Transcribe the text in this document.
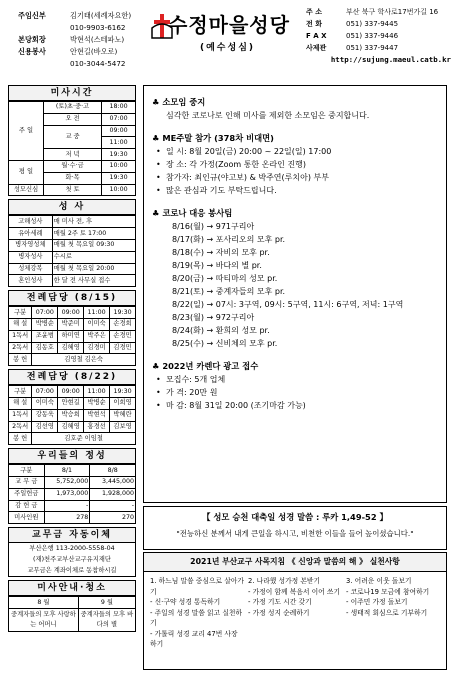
주임신부	김기태(세례자요한)
010-9903-6162
본당회장	박현석(스테파노)
신용봉사	안현길(바오로)
010-3044-5472
수정마을성당
(예수성심)
주 소	부산 북구 학사로17번가길 16
전 화	051) 337-9445
F A X	051) 337-9446
사제관	051) 337-9447
http://sujung.maeul.catb.kr
미사시간
주 일	(토)초·중·고	18:00
	오 전	07:00
	교 중	09:00
		11:00
	저 녁	19:30
평 일	월·수·금	10:00
	화·목	19:30
성모신심	첫 토	10:00
성 사
고해성사	매 미사 전, 후
유아세례	매월 2주 토 17:00
병자영성체	매월 첫 목요일 09:30
병자성사	수시로
성체강복	매월 첫 목요일 20:00
혼인성사	한 달 전 사무실 접수
전례담당 (8/15)
구분	07:00	09:00	11:00	19:30
해 설	박병순	박준미	이미숙	손경희
1독서	조윤범	하미연	박주은	손경민
2독서	김동호	김혜영	김경미	김경민
봉 헌	김영철 김은숙			
전례담당 (8/22)
구분	07:00	09:00	11:00	19:30
해 설	이미숙	안현길	박병순	이희영
1독서	강동욱	박승희	박현석	박혜란
2독서	김선영	김혜영	홍경선	김보영
봉 헌	김호준 이임철			
우리들의 정성
구분	8/1	8/8
교 무 금	5,752,000	3,445,000
주일헌금	1,973,000	1,928,000
감 헌 금	-	-
미사인원	278	270
교무금 자동이체
부산은행 113-2000-5558-04
(재)천주교부산교구유지재단
교무금은 계좌이체로 동참하시길
미사안내·청소
8 월	9 월
중계자들의 모후 사랑하는 어머니	중계자들의 모후 바다의 별
♣ 소모임 중지
심각한 코로나로 인해 미사를 제외한 소모임은 중지합니다.
♣ ME주말 참가 (378차 비대면)
• 일 시: 8월 20일(금) 20:00 ~ 22일(일) 17:00
• 장 소: 각 가정(Zoom 통한 온라인 진행)
• 참가자: 최인규(야고보) & 박주연(루치아) 부부
• 많은 관심과 기도 부탁드립니다.
♣ 코로나 대응 봉사팀
8/16(월) → 971구리아
8/17(화) → 포사리오의 모후 pr.
8/18(수) → 자비의 모후 pr.
8/19(목) → 바다의 별 pr.
8/20(금) → 따티마의 성모 pr.
8/21(토) → 중계자들의 모후 pr.
8/22(일) → 07시: 3구역, 09시: 5구역, 11시: 6구역, 저녁: 1구역
8/23(월) → 972구리아
8/24(화) → 환희의 성모 pr.
8/25(수) → 신비체의 모후 pr.
♣ 2022년 카렌다 광고 접수
• 모집수: 5개 업체
• 가 격: 20만 원
• 마 감: 8월 31일 20:00 (조기마감 가능)
【 성모 승천 대축일 성경 말씀 : 루카 1,49-52 】
"전능하신 분께서 내게 큰일을 하시고, 비천한 이들을 들어 높이셨습니다."
2021년 부산교구 사목지침 《 신앙과 말씀의 해 》 실천사항
1. 하느님 말씀 중심으로 살아가기
- 신·구약 성경 통독하기
- 주일의 성경 말씀 읽고 실천하기
- 가톨릭 성경 교리 47번 사장하기
2. 나라했 성가정 본받기
- 가정이 함께 복음서 이어 쓰기
- 가정 기도 시간 갖기
- 가정 성지 순례하기
3. 어려운 이웃 돌보기
- 코로나19 모금에 참여하기
- 이주민 가정 돌보기
- 생태적 회심으로 기부하기
